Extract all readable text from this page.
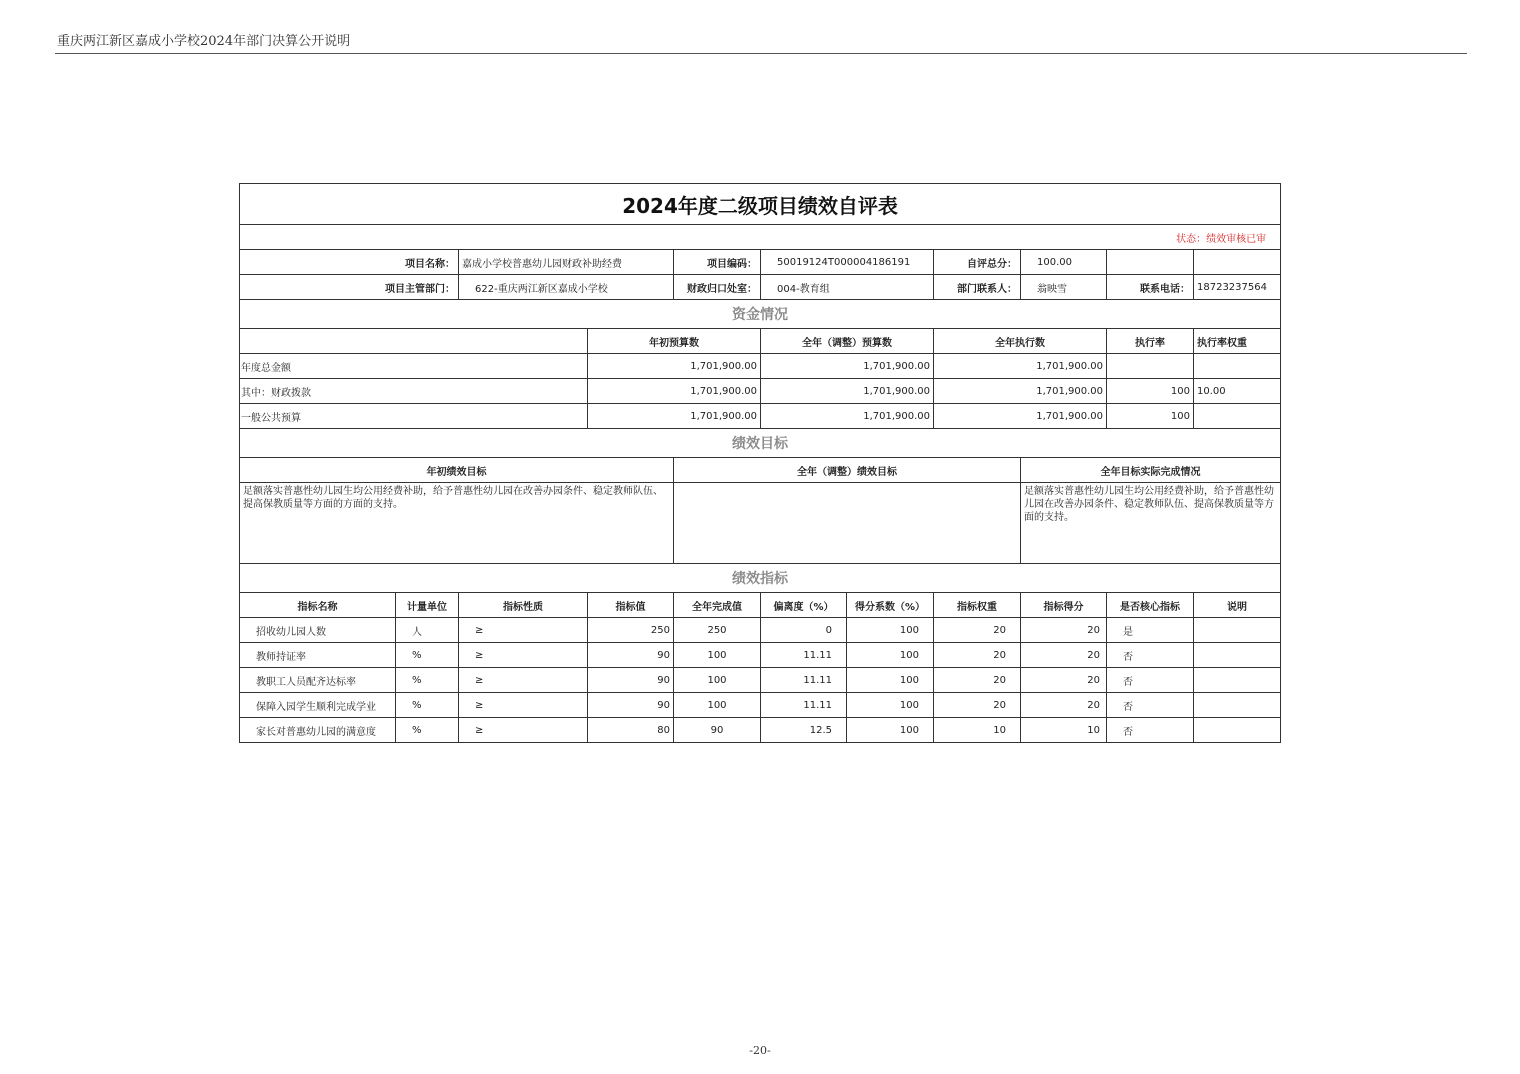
重庆两江新区嘉成小学校2024年部门决算公开说明
2024年度二级项目绩效自评表											
状态：绩效审核已审											
项目名称：		嘉成小学校普惠幼儿园财政补助经费		项目编码：	50019124T000004186191		自评总分：	100.00			
项目主管部门：		622-重庆两江新区嘉成小学校		财政归口处室：	004-教育组		部门联系人：	翁映雪	联系电话：	18723237564	
资金情况											
			年初预算数		全年（调整）预算数		全年执行数		执行率	执行率权重	
年度总金额			1,701,900.00		1,701,900.00		1,701,900.00				
其中：财政拨款			1,701,900.00		1,701,900.00		1,701,900.00		100	10.00	
一般公共预算			1,701,900.00		1,701,900.00		1,701,900.00		100		
绩效目标											
年初绩效目标				全年（调整）绩效目标				全年目标实际完成情况			
足额落实普惠性幼儿园生均公用经费补助，给予普惠性幼儿园在改善办园条件、稳定教师队伍、提高保教质量等方面的方面的支持。								足额落实普惠性幼儿园生均公用经费补助，给予普惠性幼儿园在改善办园条件、稳定教师队伍、提高保教质量等方面的支持。			
绩效指标											
指标名称	计量单位	指标性质	指标值	全年完成值	偏离度（%）	得分系数（%）	指标权重	指标得分	是否核心指标	说明	
招收幼儿园人数	人	≥	250	250	0	100	20	20	是		
教师持证率	%	≥	90	100	11.11	100	20	20	否		
教职工人员配齐达标率	%	≥	90	100	11.11	100	20	20	否		
保障入园学生顺利完成学业	%	≥	90	100	11.11	100	20	20	否		
家长对普惠幼儿园的满意度	%	≥	80	90	12.5	100	10	10	否		
-20-
